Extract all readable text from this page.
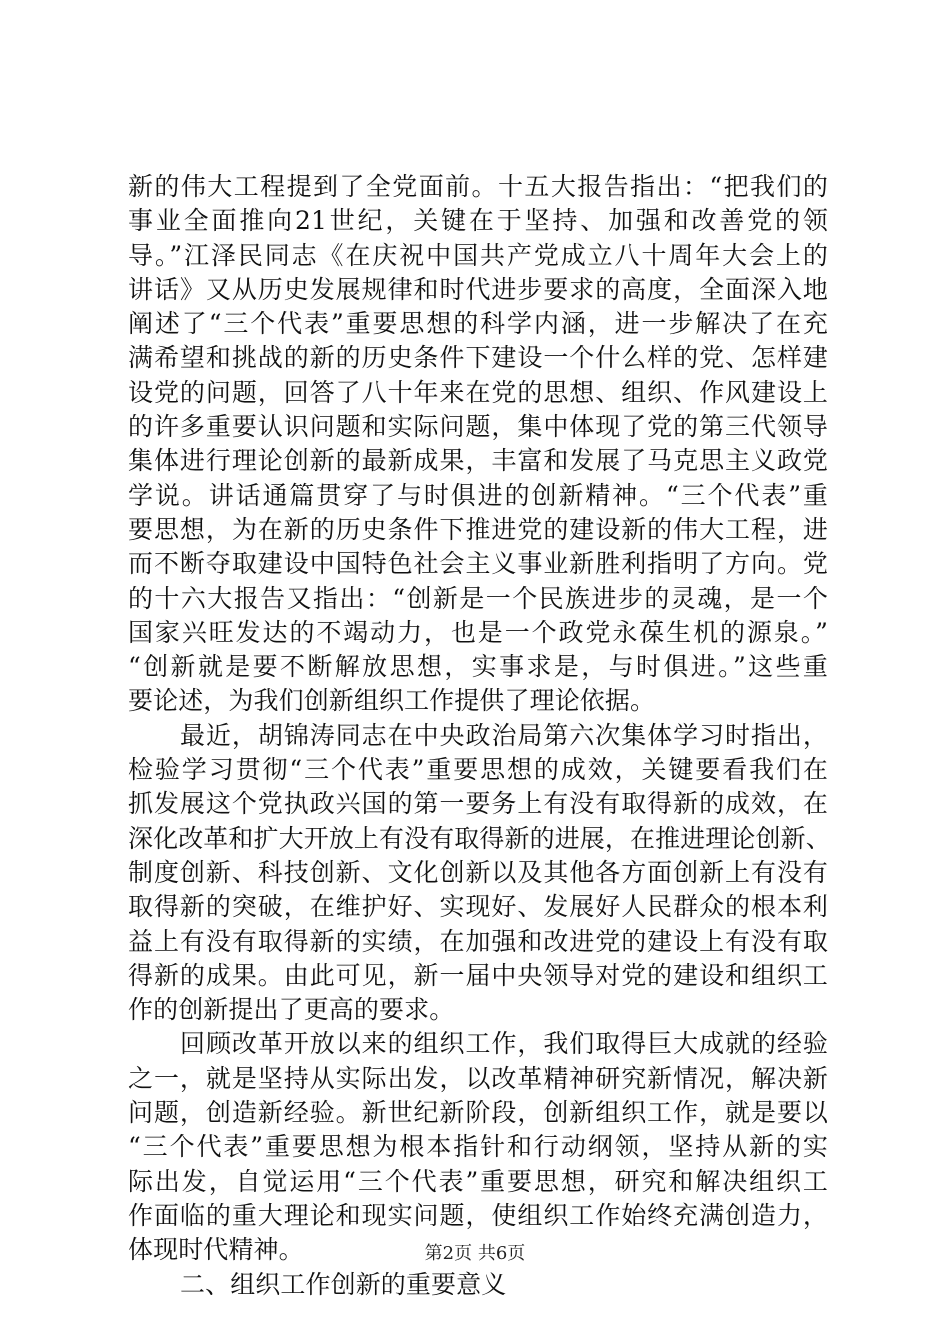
新的伟大工程提到了全党面前。十五大报告指出：“把我们的
事业全面推向21世纪，关键在于坚持、加强和改善党的领
导。”江泽民同志《在庆祝中国共产党成立八十周年大会上的
讲话》又从历史发展规律和时代进步要求的高度，全面深入地
阐述了“三个代表”重要思想的科学内涵，进一步解决了在充
满希望和挑战的新的历史条件下建设一个什么样的党、怎样建
设党的问题，回答了八十年来在党的思想、组织、作风建设上
的许多重要认识问题和实际问题，集中体现了党的第三代领导
集体进行理论创新的最新成果，丰富和发展了马克思主义政党
学说。讲话通篇贯穿了与时俱进的创新精神。“三个代表”重
要思想，为在新的历史条件下推进党的建设新的伟大工程，进
而不断夺取建设中国特色社会主义事业新胜利指明了方向。党
的十六大报告又指出：“创新是一个民族进步的灵魂，是一个
国家兴旺发达的不竭动力，也是一个政党永葆生机的源泉。”
“创新就是要不断解放思想，实事求是，与时俱进。”这些重
要论述，为我们创新组织工作提供了理论依据。
最近，胡锦涛同志在中央政治局第六次集体学习时指出，
检验学习贯彻“三个代表”重要思想的成效，关键要看我们在
抓发展这个党执政兴国的第一要务上有没有取得新的成效，在
深化改革和扩大开放上有没有取得新的进展，在推进理论创新、
制度创新、科技创新、文化创新以及其他各方面创新上有没有
取得新的突破，在维护好、实现好、发展好人民群众的根本利
益上有没有取得新的实绩，在加强和改进党的建设上有没有取
得新的成果。由此可见，新一届中央领导对党的建设和组织工
作的创新提出了更高的要求。
回顾改革开放以来的组织工作，我们取得巨大成就的经验
之一，就是坚持从实际出发，以改革精神研究新情况，解决新
问题，创造新经验。新世纪新阶段，创新组织工作，就是要以
“三个代表”重要思想为根本指针和行动纲领，坚持从新的实
际出发，自觉运用“三个代表”重要思想，研究和解决组织工
作面临的重大理论和现实问题，使组织工作始终充满创造力，
体现时代精神。
二、组织工作创新的重要意义
第2页 共6页
